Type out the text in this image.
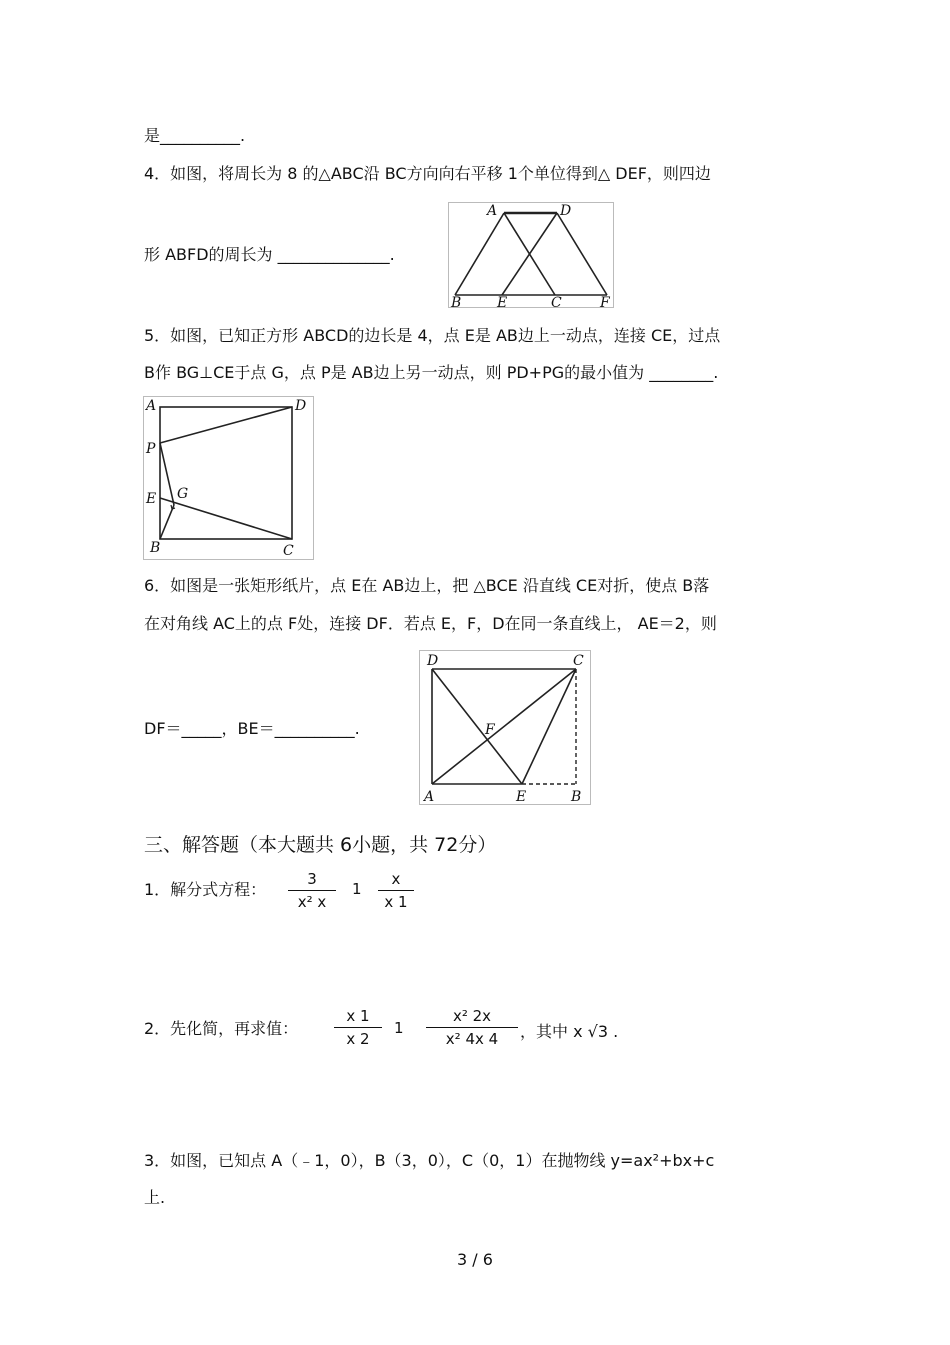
是__________.
4．如图，将周长为 8 的△ABC沿 BC方向向右平移 1个单位得到△ DEF，则四边
形 ABFD的周长为 ______________.
A	D
B	E	C	F
5．如图，已知正方形 ABCD的边长是 4，点 E是 AB边上一动点，连接 CE，过点
B作 BG⊥CE于点 G，点 P是 AB边上另一动点，则 PD+PG的最小值为 ________.
A	D
P
E G
B	C
6．如图是一张矩形纸片，点 E在 AB边上，把 △BCE 沿直线 CE对折，使点 B落
在对角线 AC上的点 F处，连接 DF．若点 E，F，D在同一条直线上， AE＝2，则
DF＝_____，BE＝__________.
D	C
F
A	E	B
三、解答题（本大题共 6小题，共 72分）
1．解分式方程：
3
x² x
1
x
x 1
2．先化简，再求值：
x 1
x 2
1
x² 2x
x² 4x 4	，其中 x √3 .
3．如图，已知点 A（﹣1，0），B（3，0），C（0，1）在抛物线 y=ax²+bx+c
上.
3 / 6
